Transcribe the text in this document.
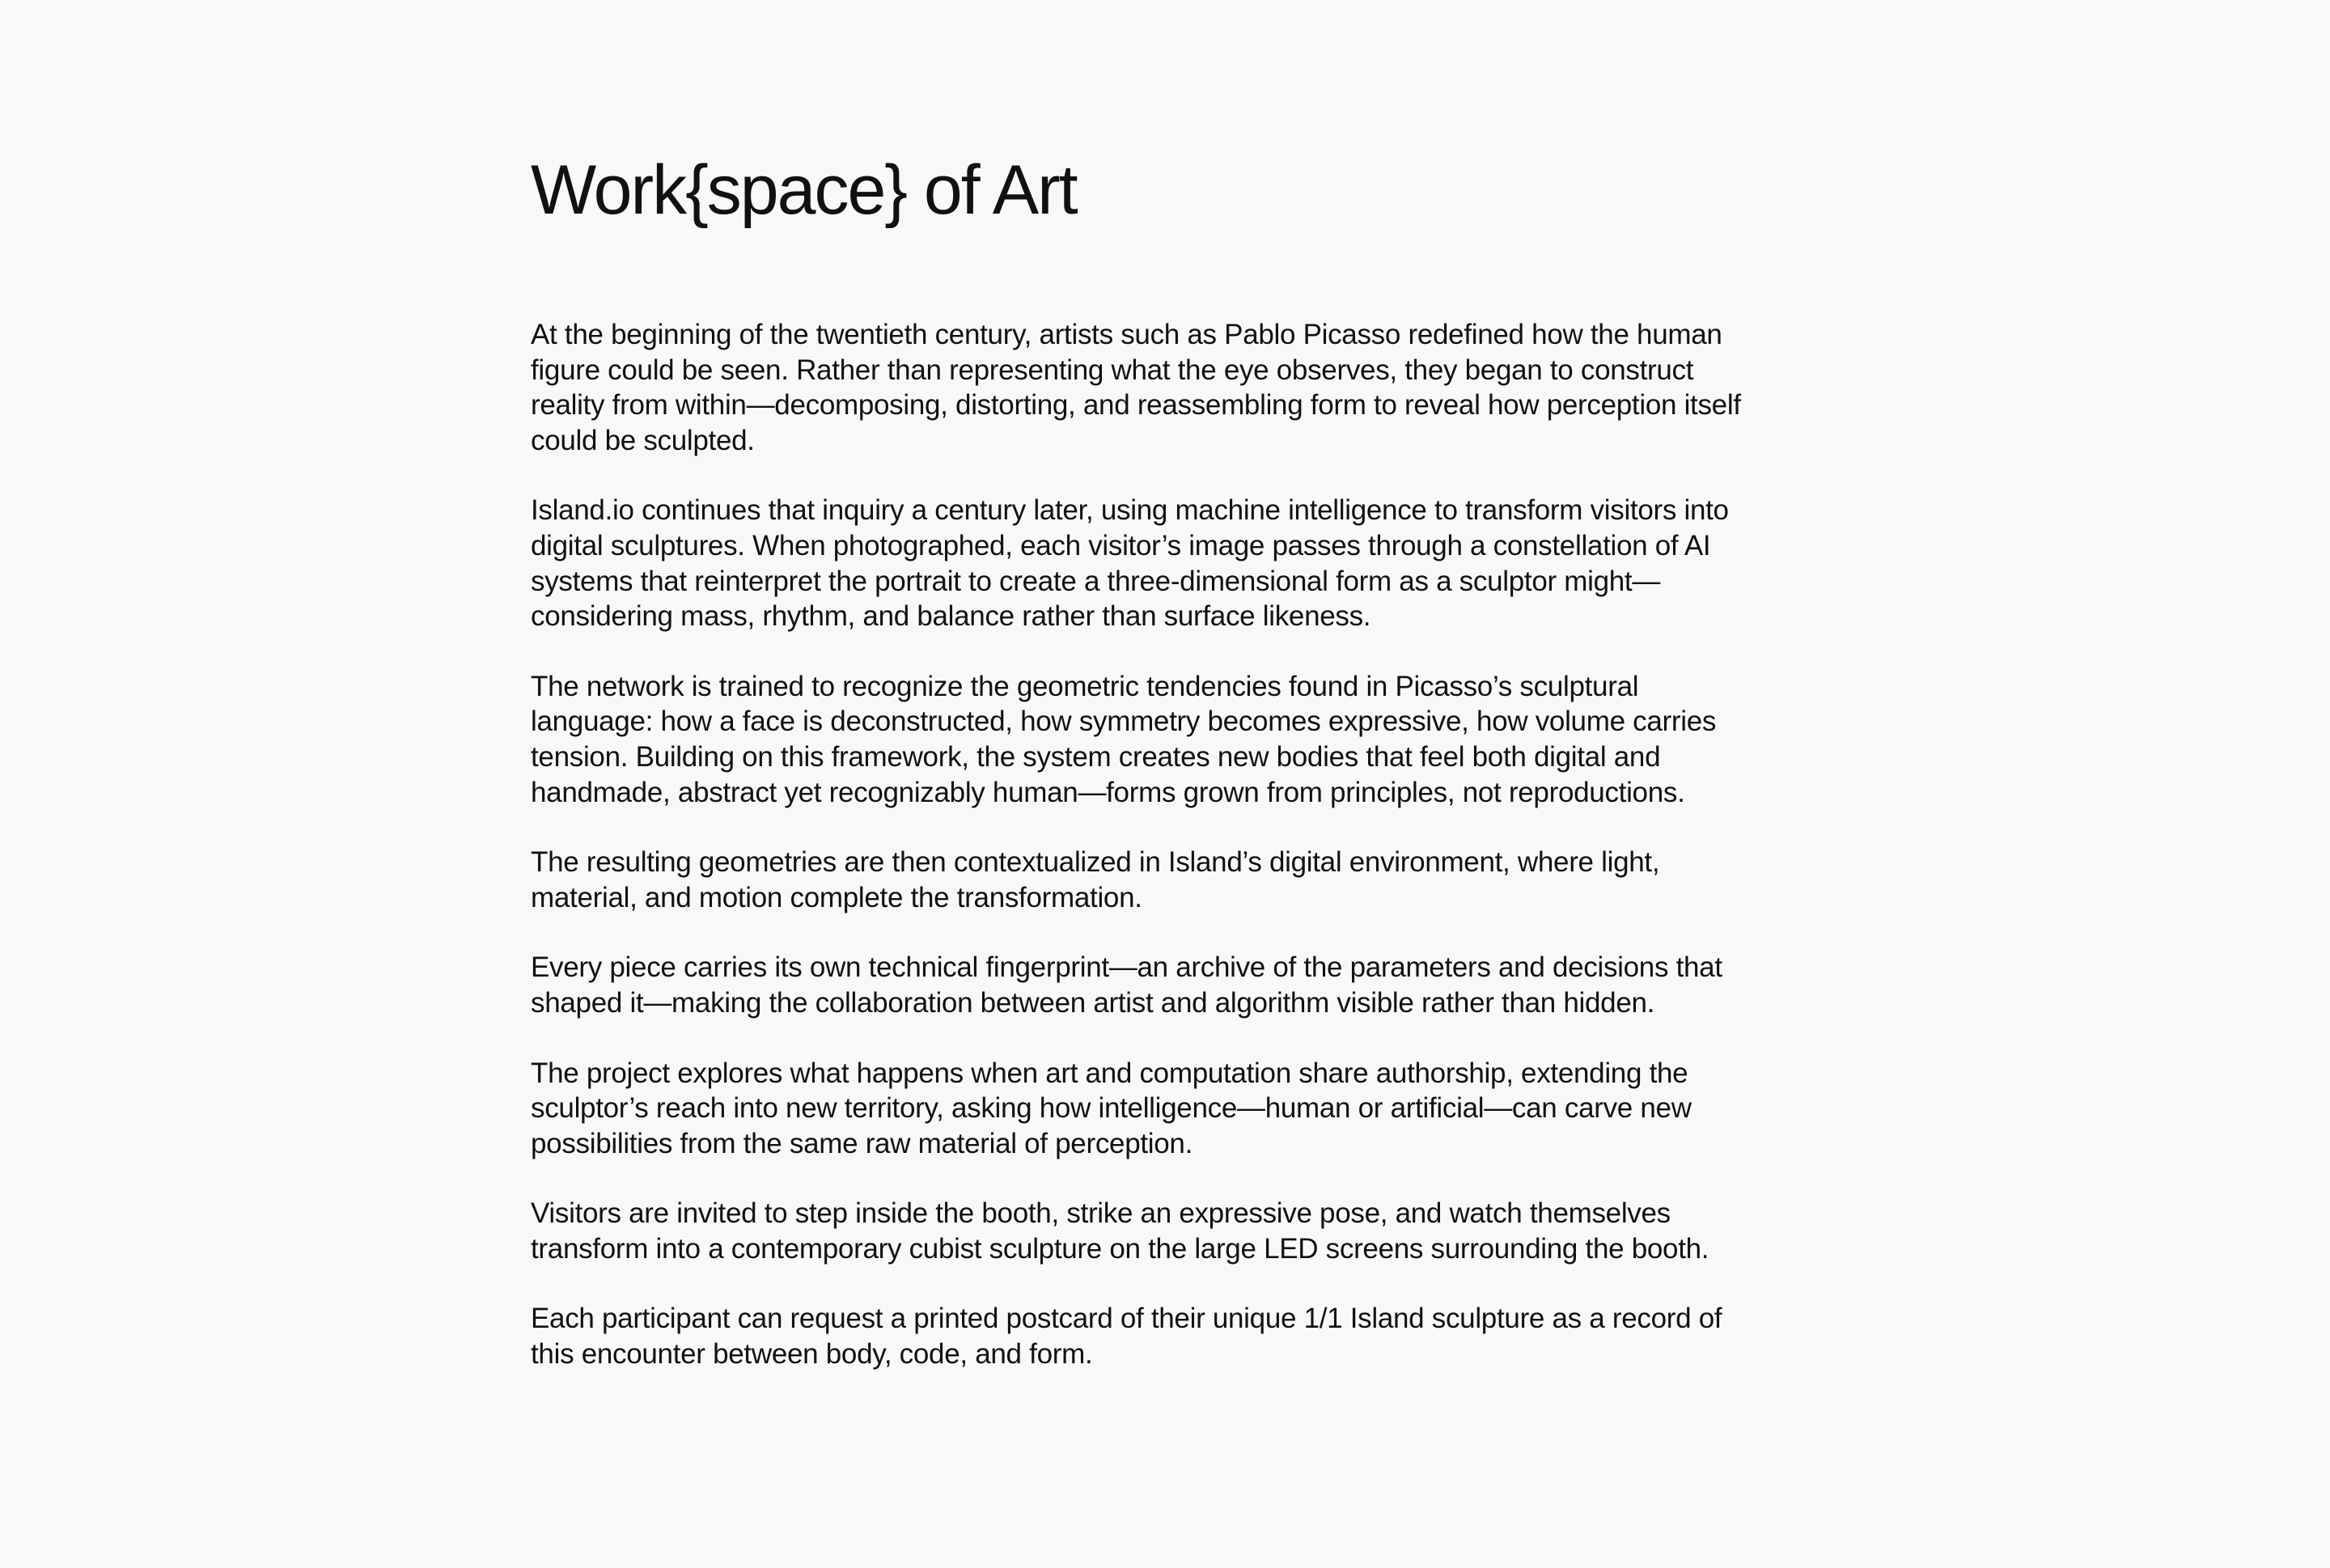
Work{space} of Art

At the beginning of the twentieth century, artists such as Pablo Picasso redefined how the human
figure could be seen. Rather than representing what the eye observes, they began to construct
reality from within—decomposing, distorting, and reassembling form to reveal how perception itself
could be sculpted.

Island.io continues that inquiry a century later, using machine intelligence to transform visitors into
digital sculptures. When photographed, each visitor’s image passes through a constellation of AI
systems that reinterpret the portrait to create a three-dimensional form as a sculptor might—
considering mass, rhythm, and balance rather than surface likeness.

The network is trained to recognize the geometric tendencies found in Picasso’s sculptural
language: how a face is deconstructed, how symmetry becomes expressive, how volume carries
tension. Building on this framework, the system creates new bodies that feel both digital and
handmade, abstract yet recognizably human—forms grown from principles, not reproductions.

The resulting geometries are then contextualized in Island’s digital environment, where light,
material, and motion complete the transformation.

Every piece carries its own technical fingerprint—an archive of the parameters and decisions that
shaped it—making the collaboration between artist and algorithm visible rather than hidden.

The project explores what happens when art and computation share authorship, extending the
sculptor’s reach into new territory, asking how intelligence—human or artificial—can carve new
possibilities from the same raw material of perception.

Visitors are invited to step inside the booth, strike an expressive pose, and watch themselves
transform into a contemporary cubist sculpture on the large LED screens surrounding the booth.

Each participant can request a printed postcard of their unique 1/1 Island sculpture as a record of
this encounter between body, code, and form.
